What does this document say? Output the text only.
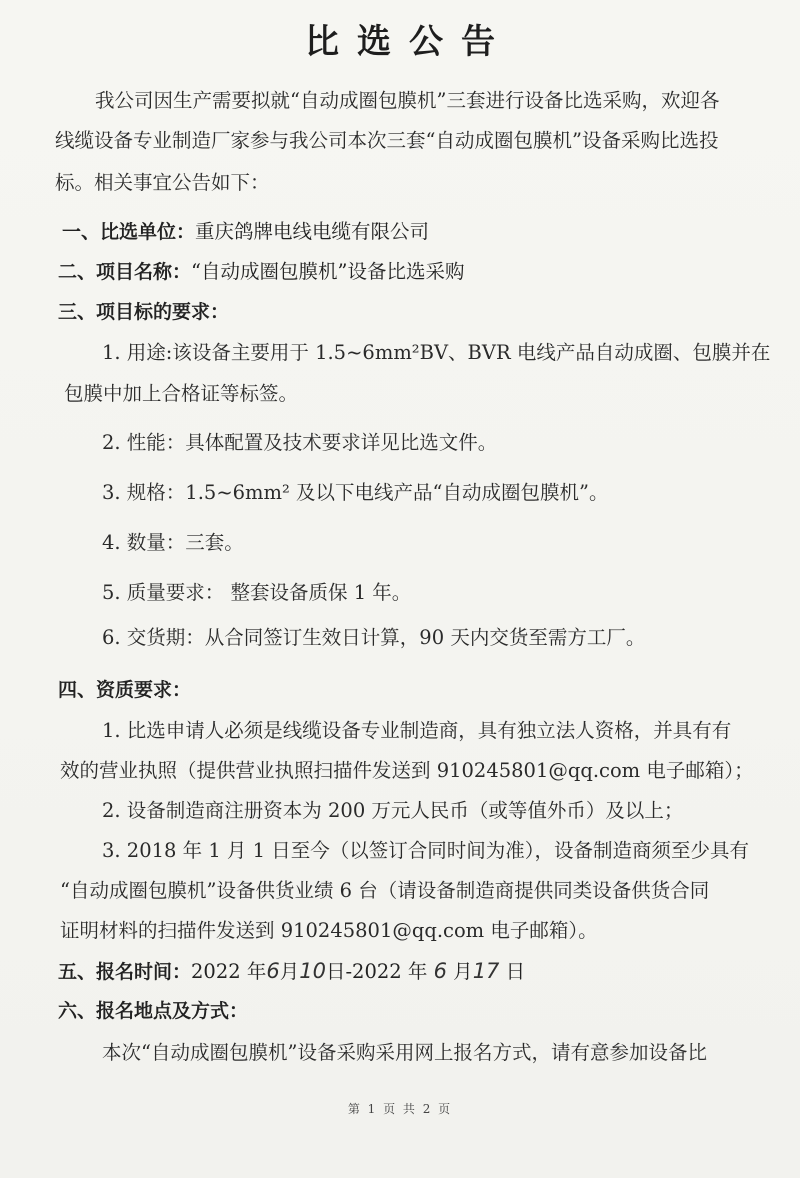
比选公告
我公司因生产需要拟就“自动成圈包膜机”三套进行设备比选采购，欢迎各
线缆设备专业制造厂家参与我公司本次三套“自动成圈包膜机”设备采购比选投
标。相关事宜公告如下：
一、比选单位：重庆鸽牌电线电缆有限公司
二、项目名称：“自动成圈包膜机”设备比选采购
三、项目标的要求：
1. 用途:该设备主要用于 1.5~6mm²BV、BVR 电线产品自动成圈、包膜并在
包膜中加上合格证等标签。
2. 性能：具体配置及技术要求详见比选文件。
3. 规格：1.5~6mm² 及以下电线产品“自动成圈包膜机”。
4. 数量：三套。
5. 质量要求： 整套设备质保 1 年。
6. 交货期：从合同签订生效日计算，90 天内交货至需方工厂。
四、资质要求：
1. 比选申请人必须是线缆设备专业制造商，具有独立法人资格，并具有有
效的营业执照（提供营业执照扫描件发送到 910245801@qq.com 电子邮箱）；
2. 设备制造商注册资本为 200 万元人民币（或等值外币）及以上；
3. 2018 年 1 月 1 日至今（以签订合同时间为准），设备制造商须至少具有
“自动成圈包膜机”设备供货业绩 6 台（请设备制造商提供同类设备供货合同
证明材料的扫描件发送到 910245801@qq.com 电子邮箱）。
五、报名时间：2022 年6月10日-2022 年 6 月17 日
六、报名地点及方式：
本次“自动成圈包膜机”设备采购采用网上报名方式，请有意参加设备比
第 1 页 共 2 页
